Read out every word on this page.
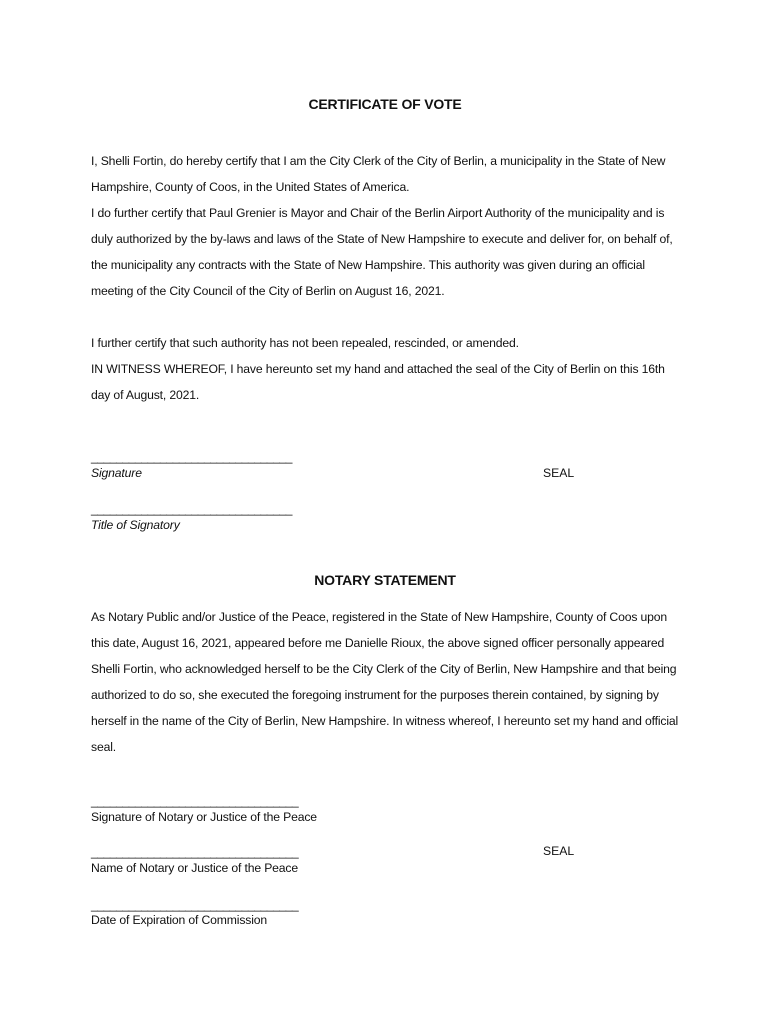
CERTIFICATE OF VOTE

I, Shelli Fortin, do hereby certify that I am the City Clerk of the City of Berlin, a municipality in the State of New Hampshire, County of Coos, in the United States of America.

I do further certify that Paul Grenier is Mayor and Chair of the Berlin Airport Authority of the municipality and is duly authorized by the by-laws and laws of the State of New Hampshire to execute and deliver for, on behalf of, the municipality any contracts with the State of New Hampshire. This authority was given during an official meeting of the City Council of the City of Berlin on August 16, 2021.

I further certify that such authority has not been repealed, rescinded, or amended.

IN WITNESS WHEREOF, I have hereunto set my hand and attached the seal of the City of Berlin on this 16th day of August, 2021.

________________________________
Signature	SEAL
________________________________
Title of Signatory
NOTARY STATEMENT

As Notary Public and/or Justice of the Peace, registered in the State of New Hampshire, County of Coos upon this date, August 16, 2021, appeared before me Danielle Rioux, the above signed officer personally appeared Shelli Fortin, who acknowledged herself to be the City Clerk of the City of Berlin, New Hampshire and that being authorized to do so, she executed the foregoing instrument for the purposes therein contained, by signing by herself in the name of the City of Berlin, New Hampshire. In witness whereof, I hereunto set my hand and official seal.

_________________________________
Signature of Notary or Justice of the Peace
SEAL
_________________________________
Name of Notary or Justice of the Peace
_________________________________
Date of Expiration of Commission
